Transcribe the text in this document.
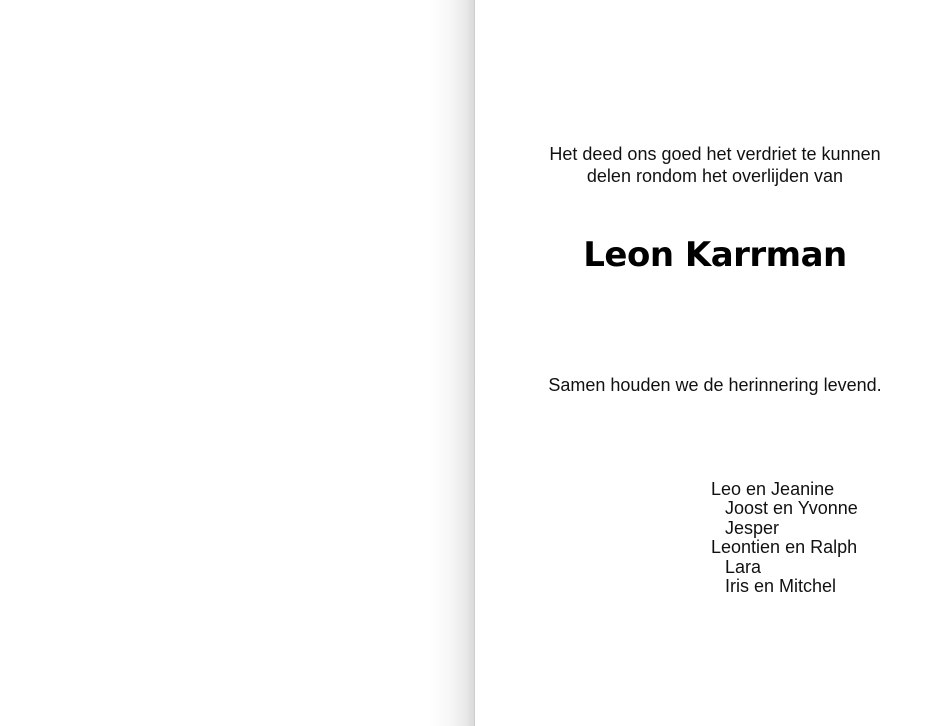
Het deed ons goed het verdriet te kunnen
delen rondom het overlijden van
Leon Karrman
Samen houden we de herinnering levend.
Leo en Jeanine
Joost en Yvonne
Jesper
Leontien en Ralph
Lara
Iris en Mitchel
